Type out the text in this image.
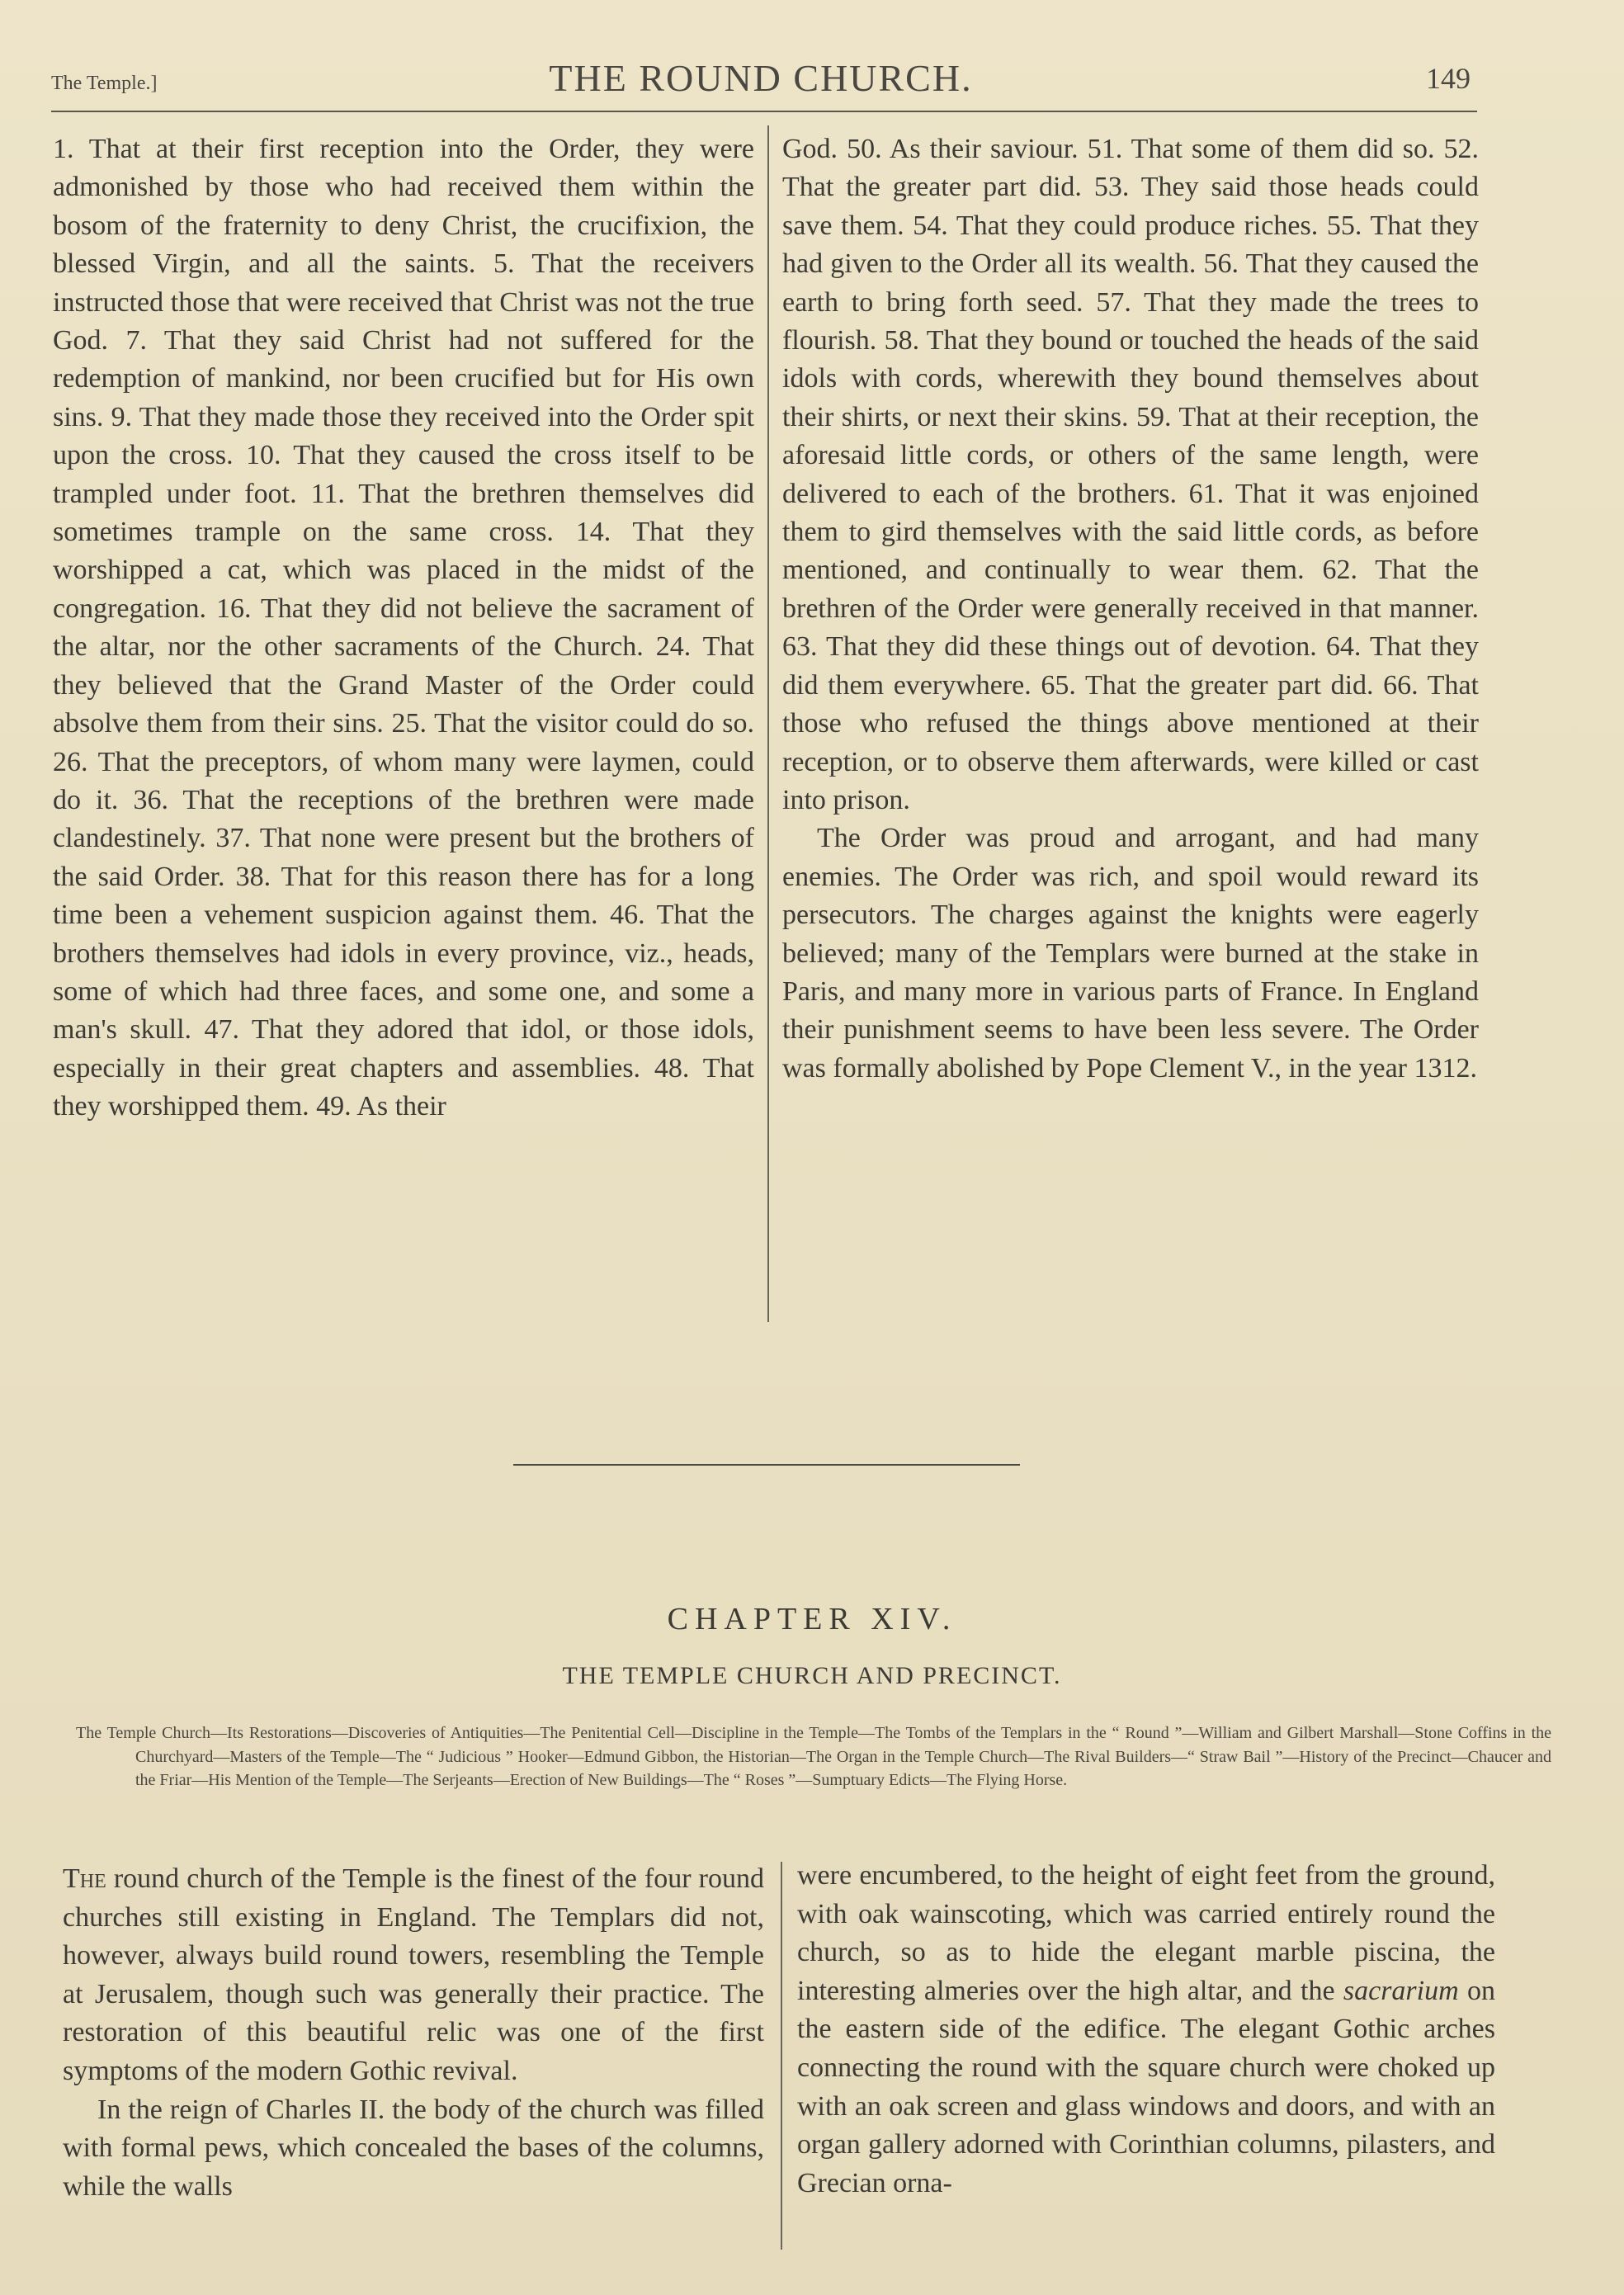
The Temple.]	THE ROUND CHURCH.	149

1. That at their first reception into the Order, they were admonished by those who had received them within the bosom of the fraternity to deny Christ, the crucifixion, the blessed Virgin, and all the saints. 5. That the receivers instructed those that were received that Christ was not the true God. 7. That they said Christ had not suffered for the redemption of mankind, nor been crucified but for His own sins. 9. That they made those they received into the Order spit upon the cross. 10. That they caused the cross itself to be trampled under foot. 11. That the brethren themselves did sometimes trample on the same cross. 14. That they worshipped a cat, which was placed in the midst of the congregation. 16. That they did not believe the sacrament of the altar, nor the other sacraments of the Church. 24. That they believed that the Grand Master of the Order could absolve them from their sins. 25. That the visitor could do so. 26. That the preceptors, of whom many were laymen, could do it. 36. That the receptions of the brethren were made clandestinely. 37. That none were present but the brothers of the said Order. 38. That for this reason there has for a long time been a vehement suspicion against them. 46. That the brothers themselves had idols in every province, viz., heads, some of which had three faces, and some one, and some a man's skull. 47. That they adored that idol, or those idols, especially in their great chapters and assemblies. 48. That they worshipped them. 49. As their

God. 50. As their saviour. 51. That some of them did so. 52. That the greater part did. 53. They said those heads could save them. 54. That they could produce riches. 55. That they had given to the Order all its wealth. 56. That they caused the earth to bring forth seed. 57. That they made the trees to flourish. 58. That they bound or touched the heads of the said idols with cords, wherewith they bound themselves about their shirts, or next their skins. 59. That at their reception, the aforesaid little cords, or others of the same length, were delivered to each of the brothers. 61. That it was enjoined them to gird themselves with the said little cords, as before mentioned, and continually to wear them. 62. That the brethren of the Order were generally received in that manner. 63. That they did these things out of devotion. 64. That they did them everywhere. 65. That the greater part did. 66. That those who refused the things above mentioned at their reception, or to observe them afterwards, were killed or cast into prison.

The Order was proud and arrogant, and had many enemies. The Order was rich, and spoil would reward its persecutors. The charges against the knights were eagerly believed; many of the Templars were burned at the stake in Paris, and many more in various parts of France. In England their punishment seems to have been less severe. The Order was formally abolished by Pope Clement V., in the year 1312.

CHAPTER XIV.
THE TEMPLE CHURCH AND PRECINCT.
The Temple Church—Its Restorations—Discoveries of Antiquities—The Penitential Cell—Discipline in the Temple—The Tombs of the Templars in the “ Round ”—William and Gilbert Marshall—Stone Coffins in the Churchyard—Masters of the Temple—The “ Judicious ” Hooker—Edmund Gibbon, the Historian—The Organ in the Temple Church—The Rival Builders—“ Straw Bail ”—History of the Precinct—Chaucer and the Friar—His Mention of the Temple—The Serjeants—Erection of New Buildings—The “ Roses ”—Sumptuary Edicts—The Flying Horse.

The round church of the Temple is the finest of the four round churches still existing in England. The Templars did not, however, always build round towers, resembling the Temple at Jerusalem, though such was generally their practice. The restoration of this beautiful relic was one of the first symptoms of the modern Gothic revival.

In the reign of Charles II. the body of the church was filled with formal pews, which concealed the bases of the columns, while the walls

were encumbered, to the height of eight feet from the ground, with oak wainscoting, which was carried entirely round the church, so as to hide the elegant marble piscina, the interesting almeries over the high altar, and the sacrarium on the eastern side of the edifice. The elegant Gothic arches connecting the round with the square church were choked up with an oak screen and glass windows and doors, and with an organ gallery adorned with Corinthian columns, pilasters, and Grecian orna-
